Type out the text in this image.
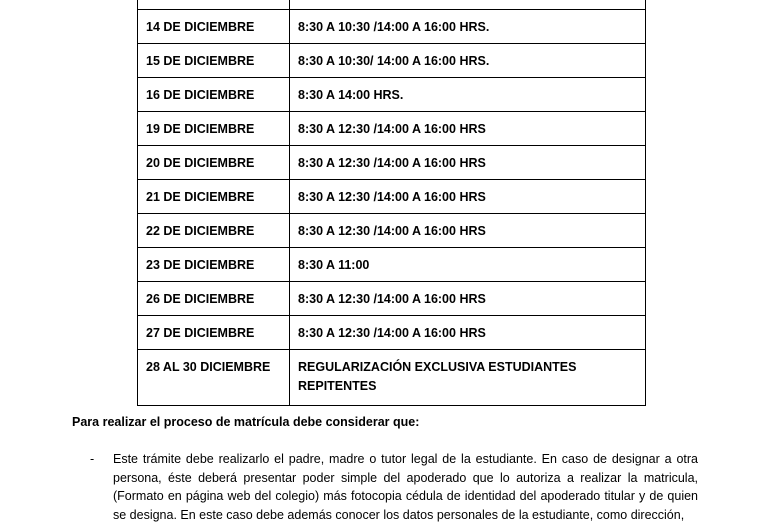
14 DE DICIEMBRE	8:30 A 10:30 /14:00 A 16:00 HRS.

15 DE DICIEMBRE	8:30 A 10:30/ 14:00 A 16:00 HRS.

16 DE DICIEMBRE	8:30 A 14:00 HRS.

19 DE DICIEMBRE	8:30 A 12:30 /14:00 A 16:00 HRS

20 DE DICIEMBRE	8:30 A 12:30 /14:00 A 16:00 HRS

21 DE DICIEMBRE	8:30 A 12:30 /14:00 A 16:00 HRS

22 DE DICIEMBRE	8:30 A 12:30 /14:00 A 16:00 HRS

23 DE DICIEMBRE	8:30 A 11:00

26 DE DICIEMBRE	8:30 A 12:30 /14:00 A 16:00 HRS

27 DE DICIEMBRE	8:30 A 12:30 /14:00 A 16:00 HRS

28 AL 30 DICIEMBRE	REGULARIZACIÓN EXCLUSIVA ESTUDIANTES REPITENTES

Para realizar el proceso de matrícula debe considerar que:

- Este trámite debe realizarlo el padre, madre o tutor legal de la estudiante. En caso de designar a otra persona, éste deberá presentar poder simple del apoderado que lo autoriza a realizar la matricula, (Formato en página web del colegio) más fotocopia cédula de identidad del apoderado titular y de quien se designa. En este caso debe además conocer los datos personales de la estudiante, como dirección,
